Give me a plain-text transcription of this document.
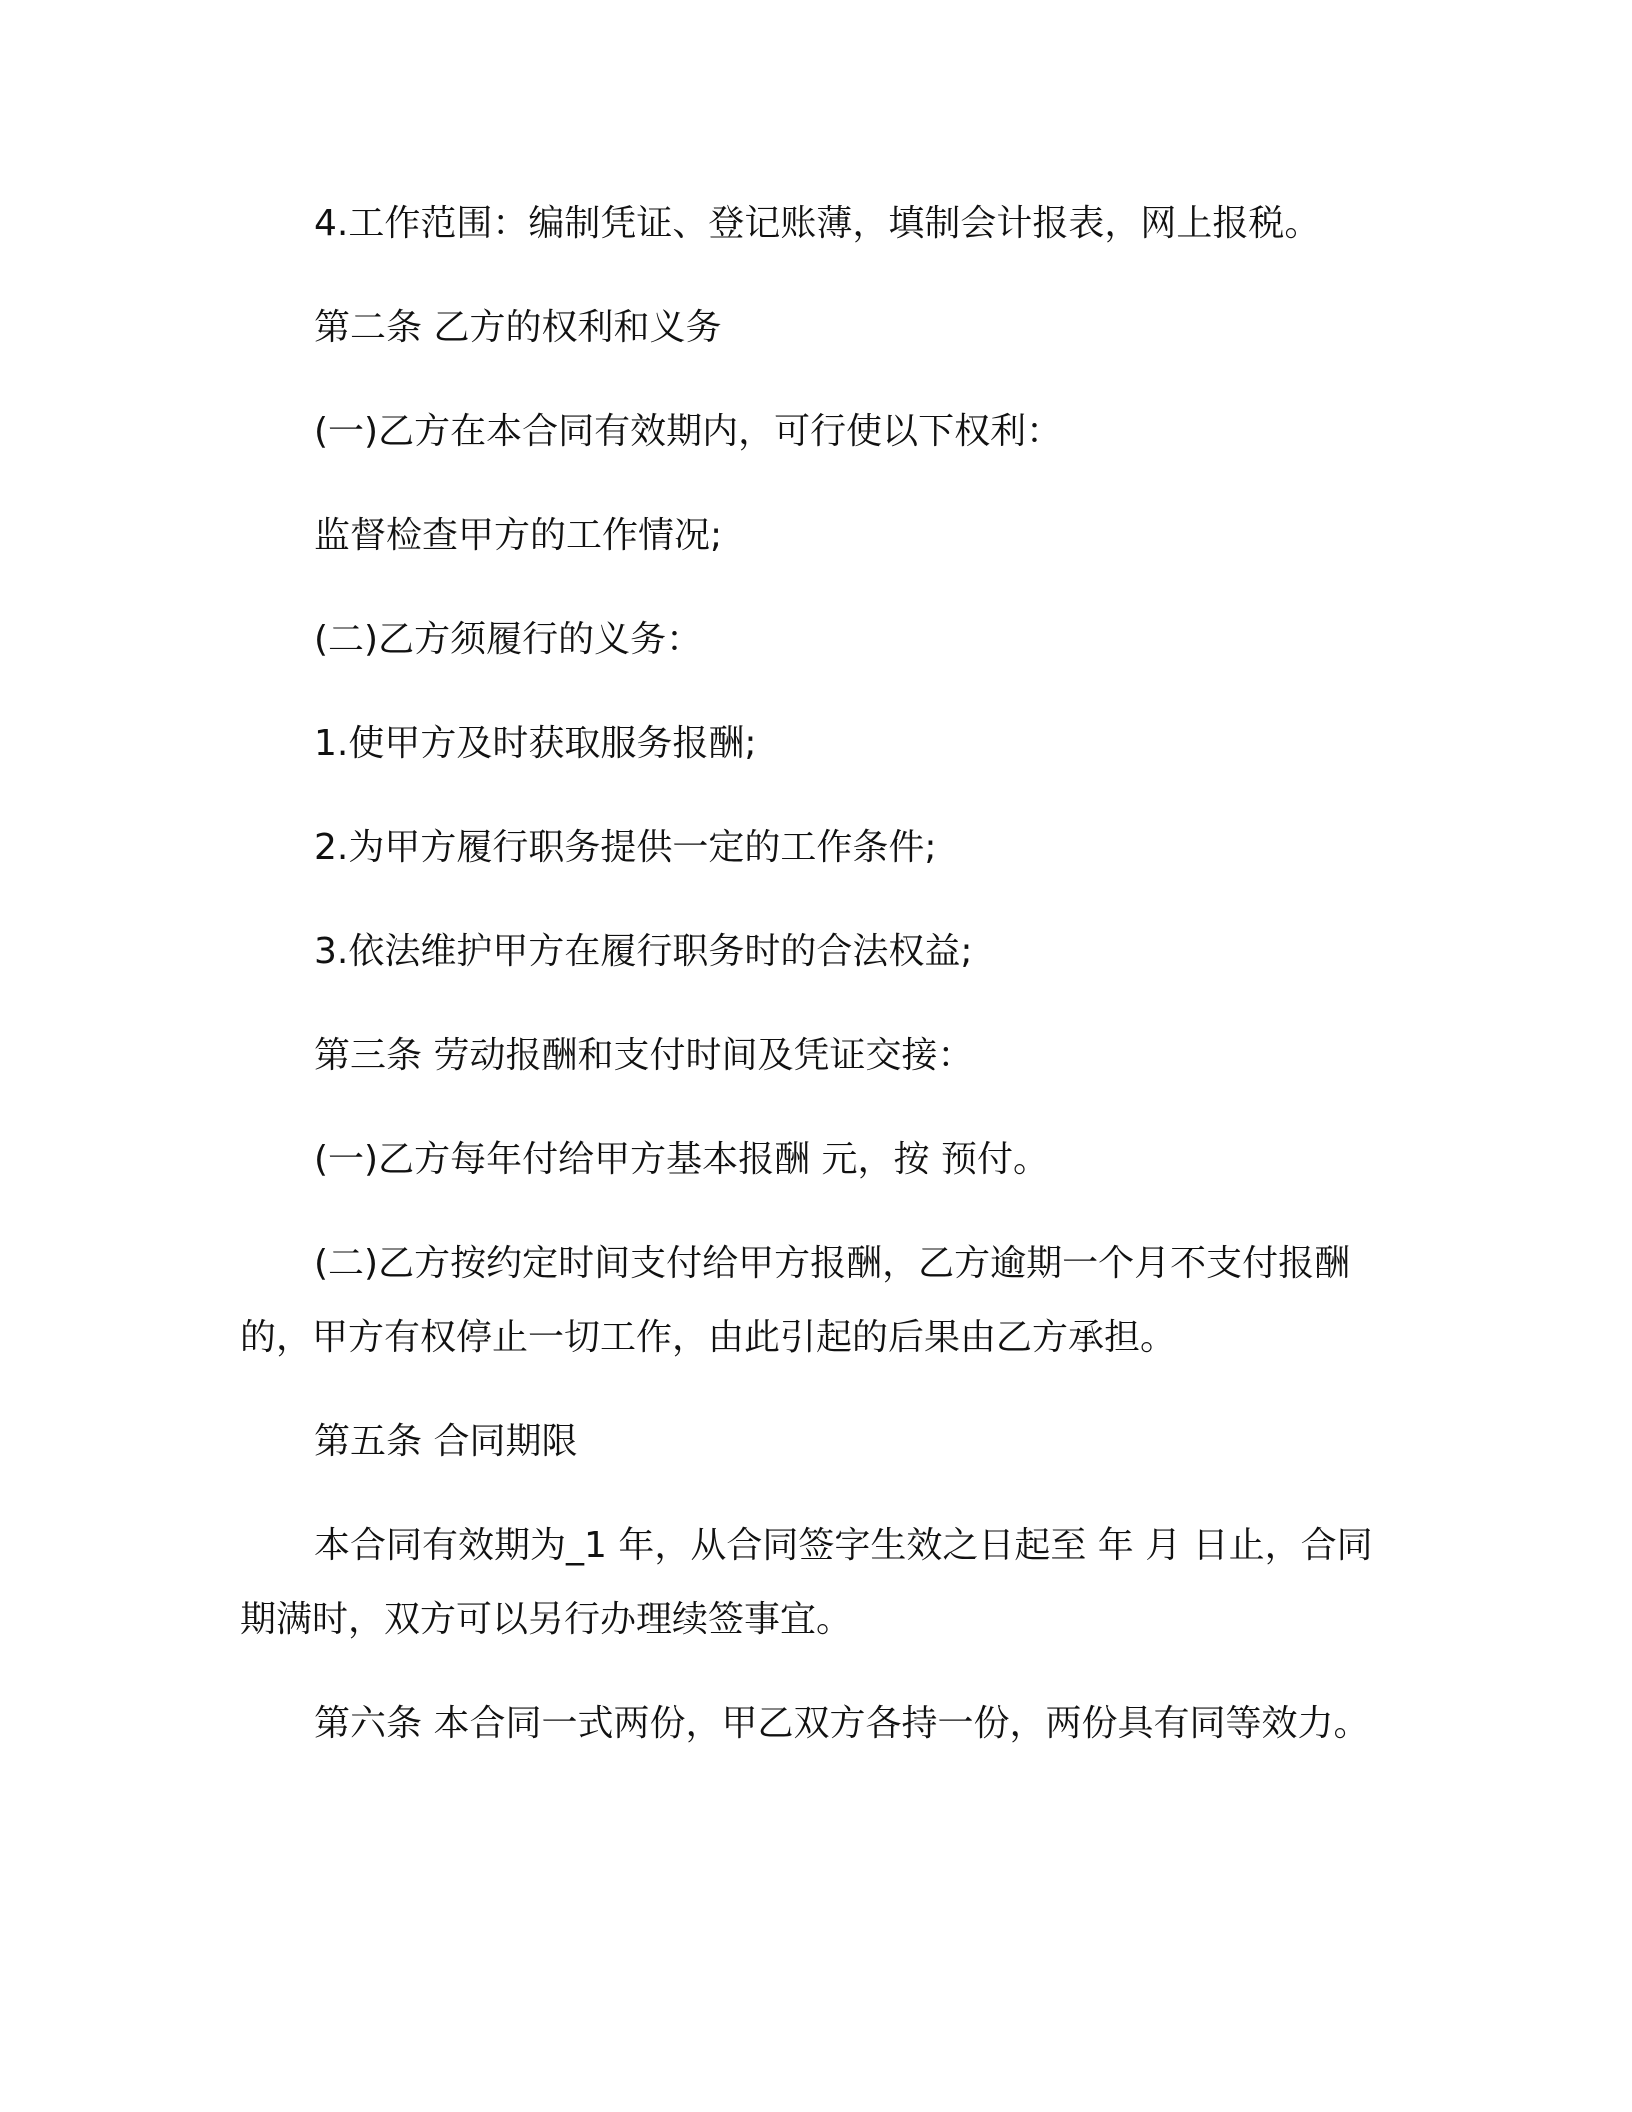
4.工作范围：编制凭证、登记账薄，填制会计报表，网上报税。

第二条 乙方的权利和义务

(一)乙方在本合同有效期内，可行使以下权利：

监督检查甲方的工作情况;

(二)乙方须履行的义务：

1.使甲方及时获取服务报酬;

2.为甲方履行职务提供一定的工作条件;

3.依法维护甲方在履行职务时的合法权益;

第三条 劳动报酬和支付时间及凭证交接：

(一)乙方每年付给甲方基本报酬 元，按 预付。

(二)乙方按约定时间支付给甲方报酬，乙方逾期一个月不支付报酬的，甲方有权停止一切工作，由此引起的后果由乙方承担。

第五条 合同期限

本合同有效期为_1 年，从合同签字生效之日起至 年 月 日止，合同期满时，双方可以另行办理续签事宜。

第六条 本合同一式两份，甲乙双方各持一份，两份具有同等效力。
